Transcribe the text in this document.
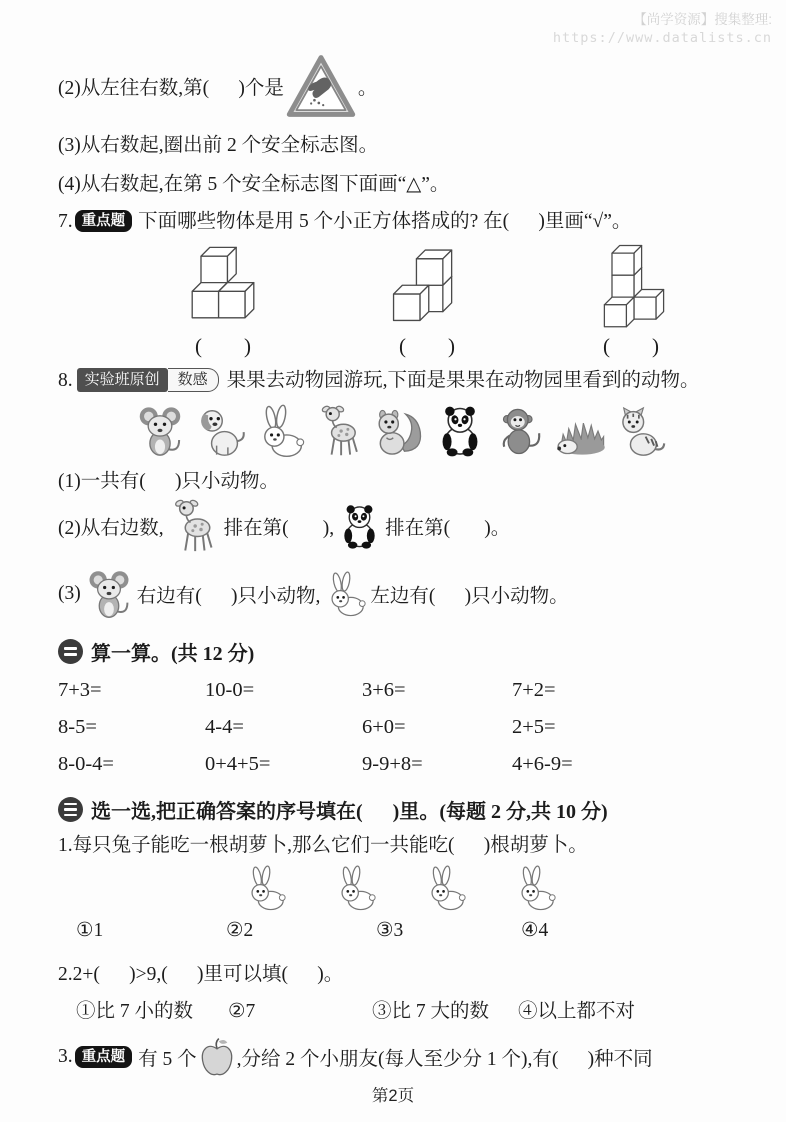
【尚学资源】搜集整理:
https://www.datalists.cn
(2)从左往右数,第(      )个是	。
(3)从右数起,圈出前 2 个安全标志图。
(4)从右数起,在第 5 个安全标志图下面画“△”。
7. 重点题 下面哪些物体是用 5 个小正方体搭成的? 在(      )里画“√”。
(        )	(        )	(        )
8. 实验班原创 数感 果果去动物园游玩,下面是果果在动物园里看到的动物。
(1)一共有(      )只小动物。
(2)从右边数,	排在第(       ),	排在第(       )。
(3)	右边有(      )只小动物,	左边有(      )只小动物。
算一算。(共 12 分)
7+3=	10-0=	3+6=	7+2=
8-5=	4-4=	6+0=	2+5=
8-0-4=	0+4+5=	9-9+8=	4+6-9=
选一选,把正确答案的序号填在(      )里。(每题 2 分,共 10 分)
1.每只兔子能吃一根胡萝卜,那么它们一共能吃(      )根胡萝卜。
①1	②2	③3	④4
2.2+(      )>9,(      )里可以填(      )。
①比 7 小的数	②7	③比 7 大的数	④以上都不对
3. 重点题 有 5 个 ,分给 2 个小朋友(每人至少分 1 个),有(      )种不同
第2页
